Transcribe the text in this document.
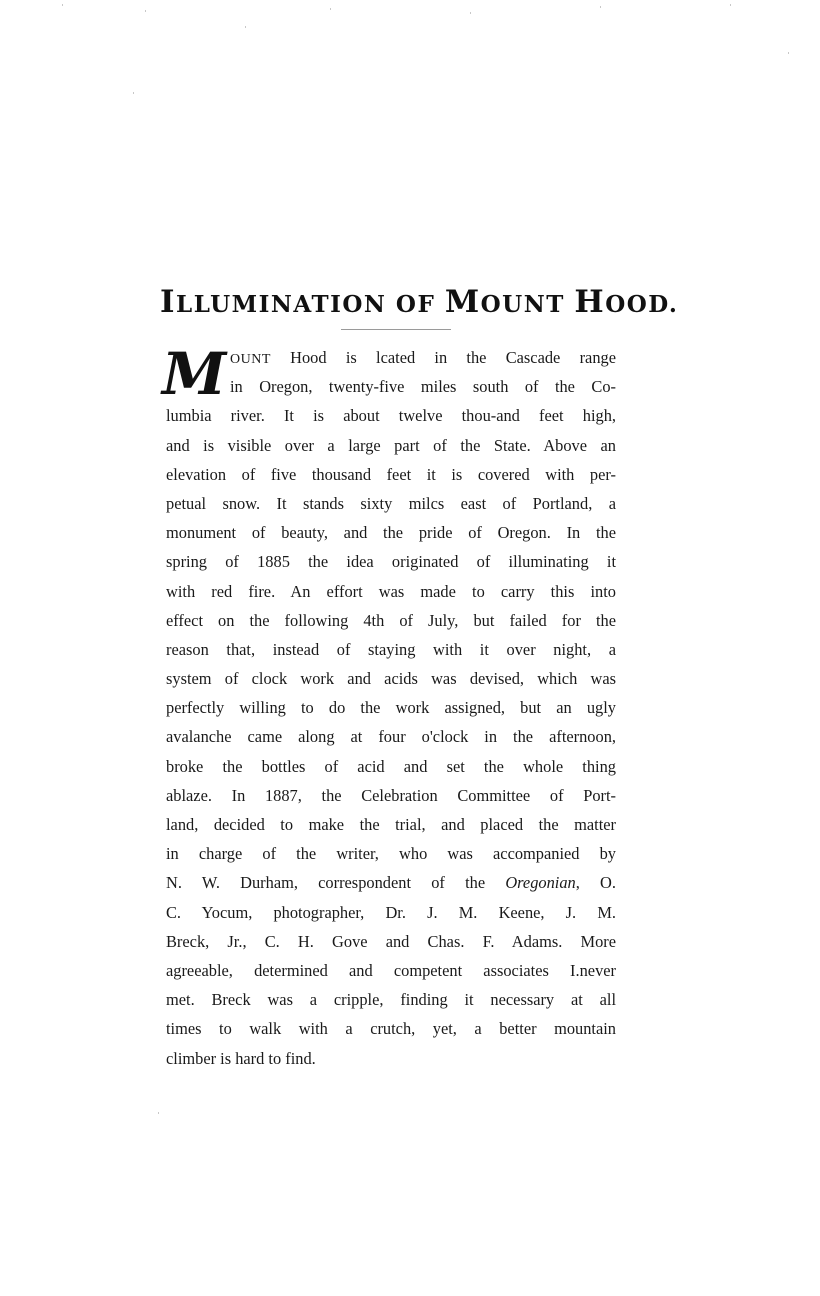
ILLUMINATION OF MOUNT HOOD.
M OUNT Hood is lcated in the Cascade range
in Oregon, twenty-five miles south of the Co-
lumbia river. It is about twelve thou-and feet high,
and is visible over a large part of the State. Above an
elevation of five thousand feet it is covered with per-
petual snow. It stands sixty milcs east of Portland, a
monument of beauty, and the pride of Oregon. In the
spring of 1885 the idea originated of illuminating it
with red fire. An effort was made to carry this into
effect on the following 4th of July, but failed for the
reason that, instead of staying with it over night, a
system of clock work and acids was devised, which was
perfectly willing to do the work assigned, but an ugly
avalanche came along at four o'clock in the afternoon,
broke the bottles of acid and set the whole thing
ablaze. In 1887, the Celebration Committee of Port-
land, decided to make the trial, and placed the matter
in charge of the writer, who was accompanied by
N. W. Durham, correspondent of the Oregonian, O.
C. Yocum, photographer, Dr. J. M. Keene, J. M.
Breck, Jr., C. H. Gove and Chas. F. Adams. More
agreeable, determined and competent associates I.never
met. Breck was a cripple, finding it necessary at all
times to walk with a crutch, yet, a better mountain
climber is hard to find.
